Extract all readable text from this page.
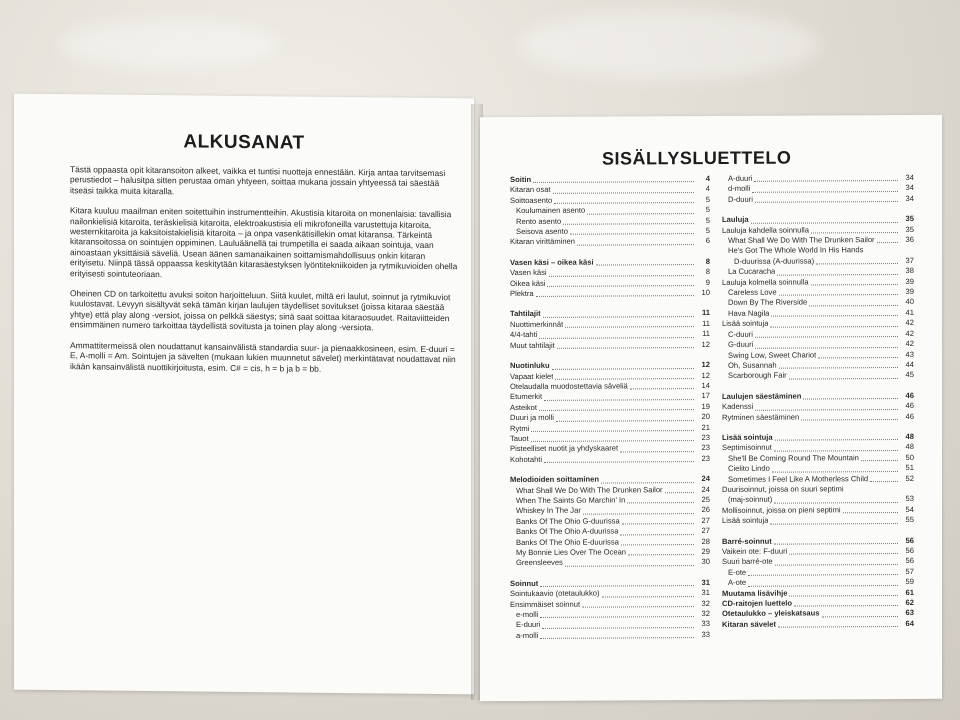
ALKUSANAT

Tästä oppaasta opit kitaransoiton alkeet, vaikka et tuntisi nuotteja ennestään. Kirja antaa tarvitsemasi perustiedot – halusitpa sitten perustaa oman yhtyeen, soittaa mukana jossain yhtyeessä tai säestää itseäsi taikka muita kitaralla.

Kitara kuuluu maailman eniten soitettuihin instrumentteihin. Akustisia kitaroita on monenlaisia: tavallisia nailonkielisiä kitaroita, teräskielisiä kitaroita, elektroakustisia eli mikrofoneilla varustettuja kitaroita, westernkitaroita ja kaksitoistakielisiä kitaroita – ja onpa vasenkätisillekin omat kitaransa. Tärkeintä kitaransoitossa on sointujen oppiminen. Lauluäänellä tai trumpetilla ei saada aikaan sointuja, vaan ainoastaan yksittäisiä säveliä. Usean äänen samanaikainen soittamismahdollisuus onkin kitaran erityisetu. Niinpä tässä oppaassa keskitytään kitarasäestyksen lyöntitekniikoiden ja rytmikuvioiden ohella erityisesti sointuteoriaan.

Oheinen CD on tarkoitettu avuksi soiton harjoitteluun. Siitä kuulet, miltä eri laulut, soinnut ja rytmikuviot kuulostavat. Levyyn sisältyvät sekä tämän kirjan laulujen täydelliset sovitukset (joissa kitaraa säestää yhtye) että play along -versiot, joissa on pelkkä säestys; sinä saat soittaa kitaraosuudet. Raitaviitteiden ensimmäinen numero tarkoittaa täydellistä sovitusta ja toinen play along -versiota.

Ammattitermeissä olen noudattanut kansainvälistä standardia suur- ja pienaakkosineen, esim. E-duuri = E, A-molli = Am. Sointujen ja sävelten (mukaan lukien muunnetut sävelet) merkintätavat noudattavat niin ikään kansainvälistä nuottikirjoitusta, esim. C# = cis, h = b ja b = bb.

SISÄLLYSLUETTELO
Soitin	4
Kitaran osat	4
Soittoasento	5
Koulumainen asento	5
Rento asento	5
Seisova asento	5
Kitaran virittäminen	6
Vasen käsi – oikea käsi	8
Vasen käsi	8
Oikea käsi	9
Plektra	10
Tahtilajit	11
Nuottimerkinnät	11
4/4-tahti	11
Muut tahtilajit	12
Nuotinluku	12
Vapaat kielet	12
Otelaudalla muodostettavia säveliä	14
Etumerkit	17
Asteikot	19
Duuri ja molli	20
Rytmi	21
Tauot	23
Pisteelliset nuotit ja yhdyskaaret	23
Kohotahti	23
Melodioiden soittaminen	24
What Shall We Do With The Drunken Sailor	24
When The Saints Go Marchin' In	25
Whiskey In The Jar	26
Banks Of The Ohio G-duurissa	27
Banks Of The Ohio A-duurissa	27
Banks Of The Ohio E-duurissa	28
My Bonnie Lies Over The Ocean	29
Greensleeves	30
Soinnut	31
Sointukaavio (otetaulukko)	31
Ensimmäiset soinnut	32
e-molli	32
E-duuri	33
a-molli	33
A-duuri	34
d-molli	34
D-duuri	34
Lauluja	35
Lauluja kahdella soinnulla	35
What Shall We Do With The Drunken Sailor	36
He's Got The Whole World In His Hands
D-duurissa (A-duurissa)	37
La Cucaracha	38
Lauluja kolmella soinnulla	39
Careless Love	39
Down By The Riverside	40
Hava Nagila	41
Lisää sointuja	42
C-duuri	42
G-duuri	42
Swing Low, Sweet Chariot	43
Oh, Susannah	44
Scarborough Fair	45
Laulujen säestäminen	46
Kadenssi	46
Rytminen säestäminen	46
Lisää sointuja	48
Septimisoinnut	48
She'll Be Coming Round The Mountain	50
Cielito Lindo	51
Sometimes I Feel Like A Motherless Child	52
Duurisoinnut, joissa on suuri septimi
(maj-soinnut)	53
Mollisoinnut, joissa on pieni septimi	54
Lisää sointuja	55
Barré-soinnut	56
Vaikein ote: F-duuri	56
Suuri barré-ote	56
E-ote	57
A-ote	59
Muutama lisävihje	61
CD-raitojen luettelo	62
Otetaulukko – yleiskatsaus	63
Kitaran sävelet	64
